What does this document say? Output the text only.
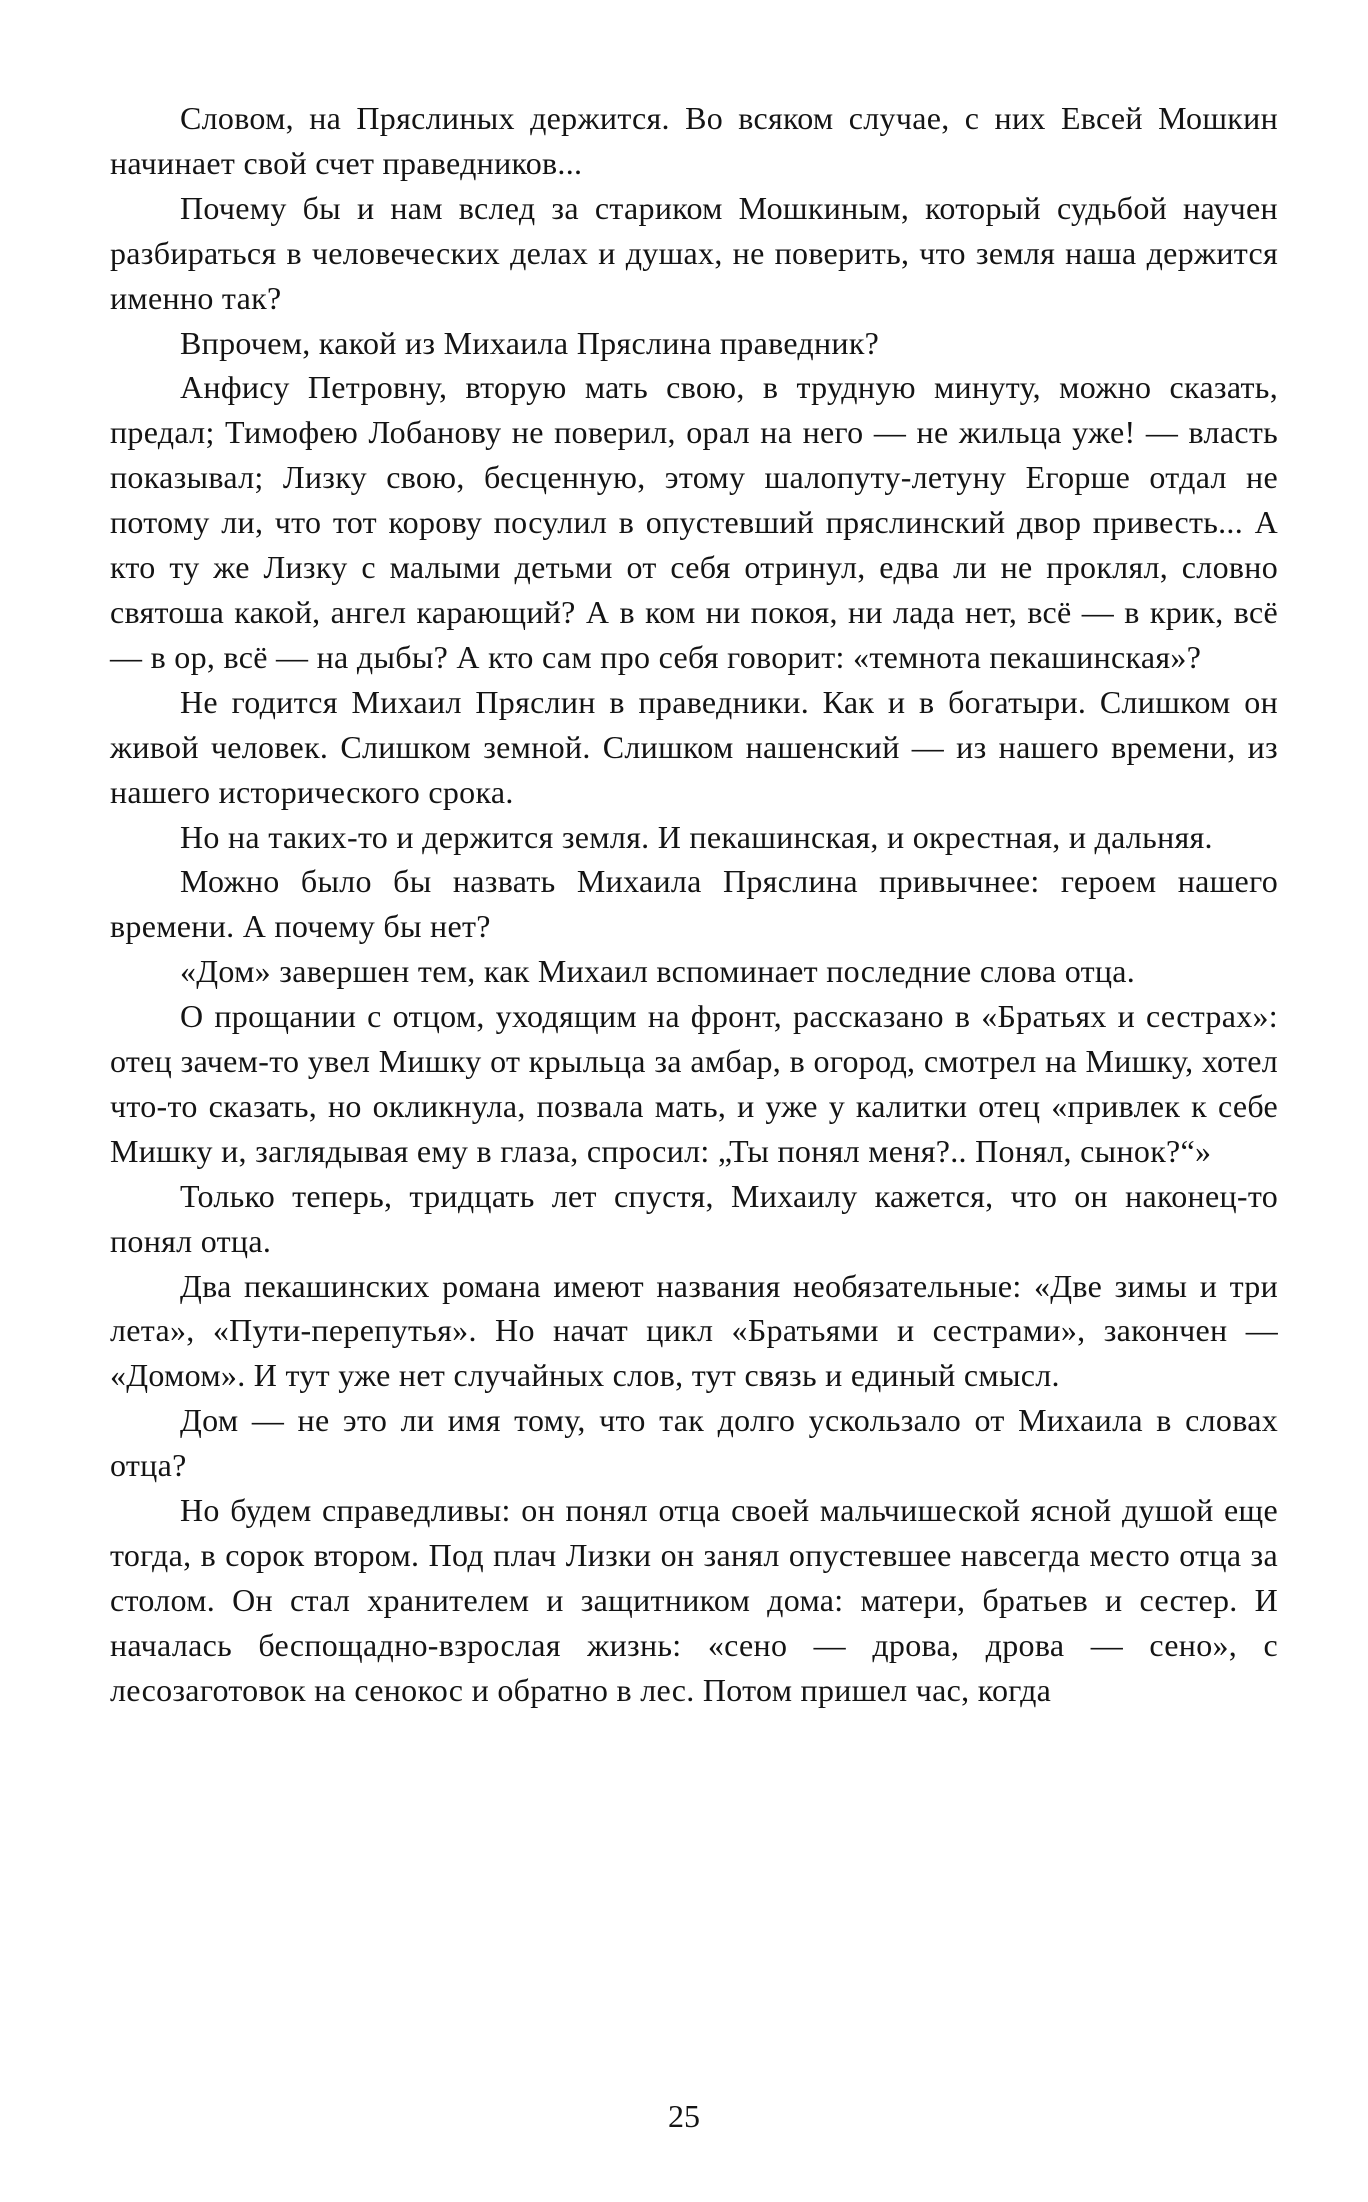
Словом, на Пряслиных держится. Во всяком случае, с них Евсей Мошкин начинает свой счет праведников...

Почему бы и нам вслед за стариком Мошкиным, который судьбой научен разбираться в человеческих делах и душах, не поверить, что земля наша держится именно так?

Впрочем, какой из Михаила Пряслина праведник?

Анфису Петровну, вторую мать свою, в трудную минуту, можно сказать, предал; Тимофею Лобанову не поверил, орал на него — не жильца уже! — власть показывал; Лизку свою, бесценную, этому шалопуту-летуну Егорше отдал не потому ли, что тот корову посулил в опустевший пряслинский двор привесть... А кто ту же Лизку с малыми детьми от себя отринул, едва ли не проклял, словно святоша какой, ангел карающий? А в ком ни покоя, ни лада нет, всё — в крик, всё — в ор, всё — на дыбы? А кто сам про себя говорит: «темнота пекашинская»?

Не годится Михаил Пряслин в праведники. Как и в богатыри. Слишком он живой человек. Слишком земной. Слишком нашенский — из нашего времени, из нашего исторического срока.

Но на таких-то и держится земля. И пекашинская, и окрестная, и дальняя.

Можно было бы назвать Михаила Пряслина привычнее: героем нашего времени. А почему бы нет?

«Дом» завершен тем, как Михаил вспоминает последние слова отца.

О прощании с отцом, уходящим на фронт, рассказано в «Братьях и сестрах»: отец зачем-то увел Мишку от крыльца за амбар, в огород, смотрел на Мишку, хотел что-то сказать, но окликнула, позвала мать, и уже у калитки отец «привлек к себе Мишку и, заглядывая ему в глаза, спросил: „Ты понял меня?.. Понял, сынок?“»

Только теперь, тридцать лет спустя, Михаилу кажется, что он наконец-то понял отца.

Два пекашинских романа имеют названия необязательные: «Две зимы и три лета», «Пути-перепутья». Но начат цикл «Братьями и сестрами», закончен — «Домом». И тут уже нет случайных слов, тут связь и единый смысл.

Дом — не это ли имя тому, что так долго ускользало от Михаила в словах отца?

Но будем справедливы: он понял отца своей мальчишеской ясной душой еще тогда, в сорок втором. Под плач Лизки он занял опустевшее навсегда место отца за столом. Он стал хранителем и защитником дома: матери, братьев и сестер. И началась беспощадно-взрослая жизнь: «сено — дрова, дрова — сено», с лесозаготовок на сенокос и обратно в лес. Потом пришел час, когда

25
